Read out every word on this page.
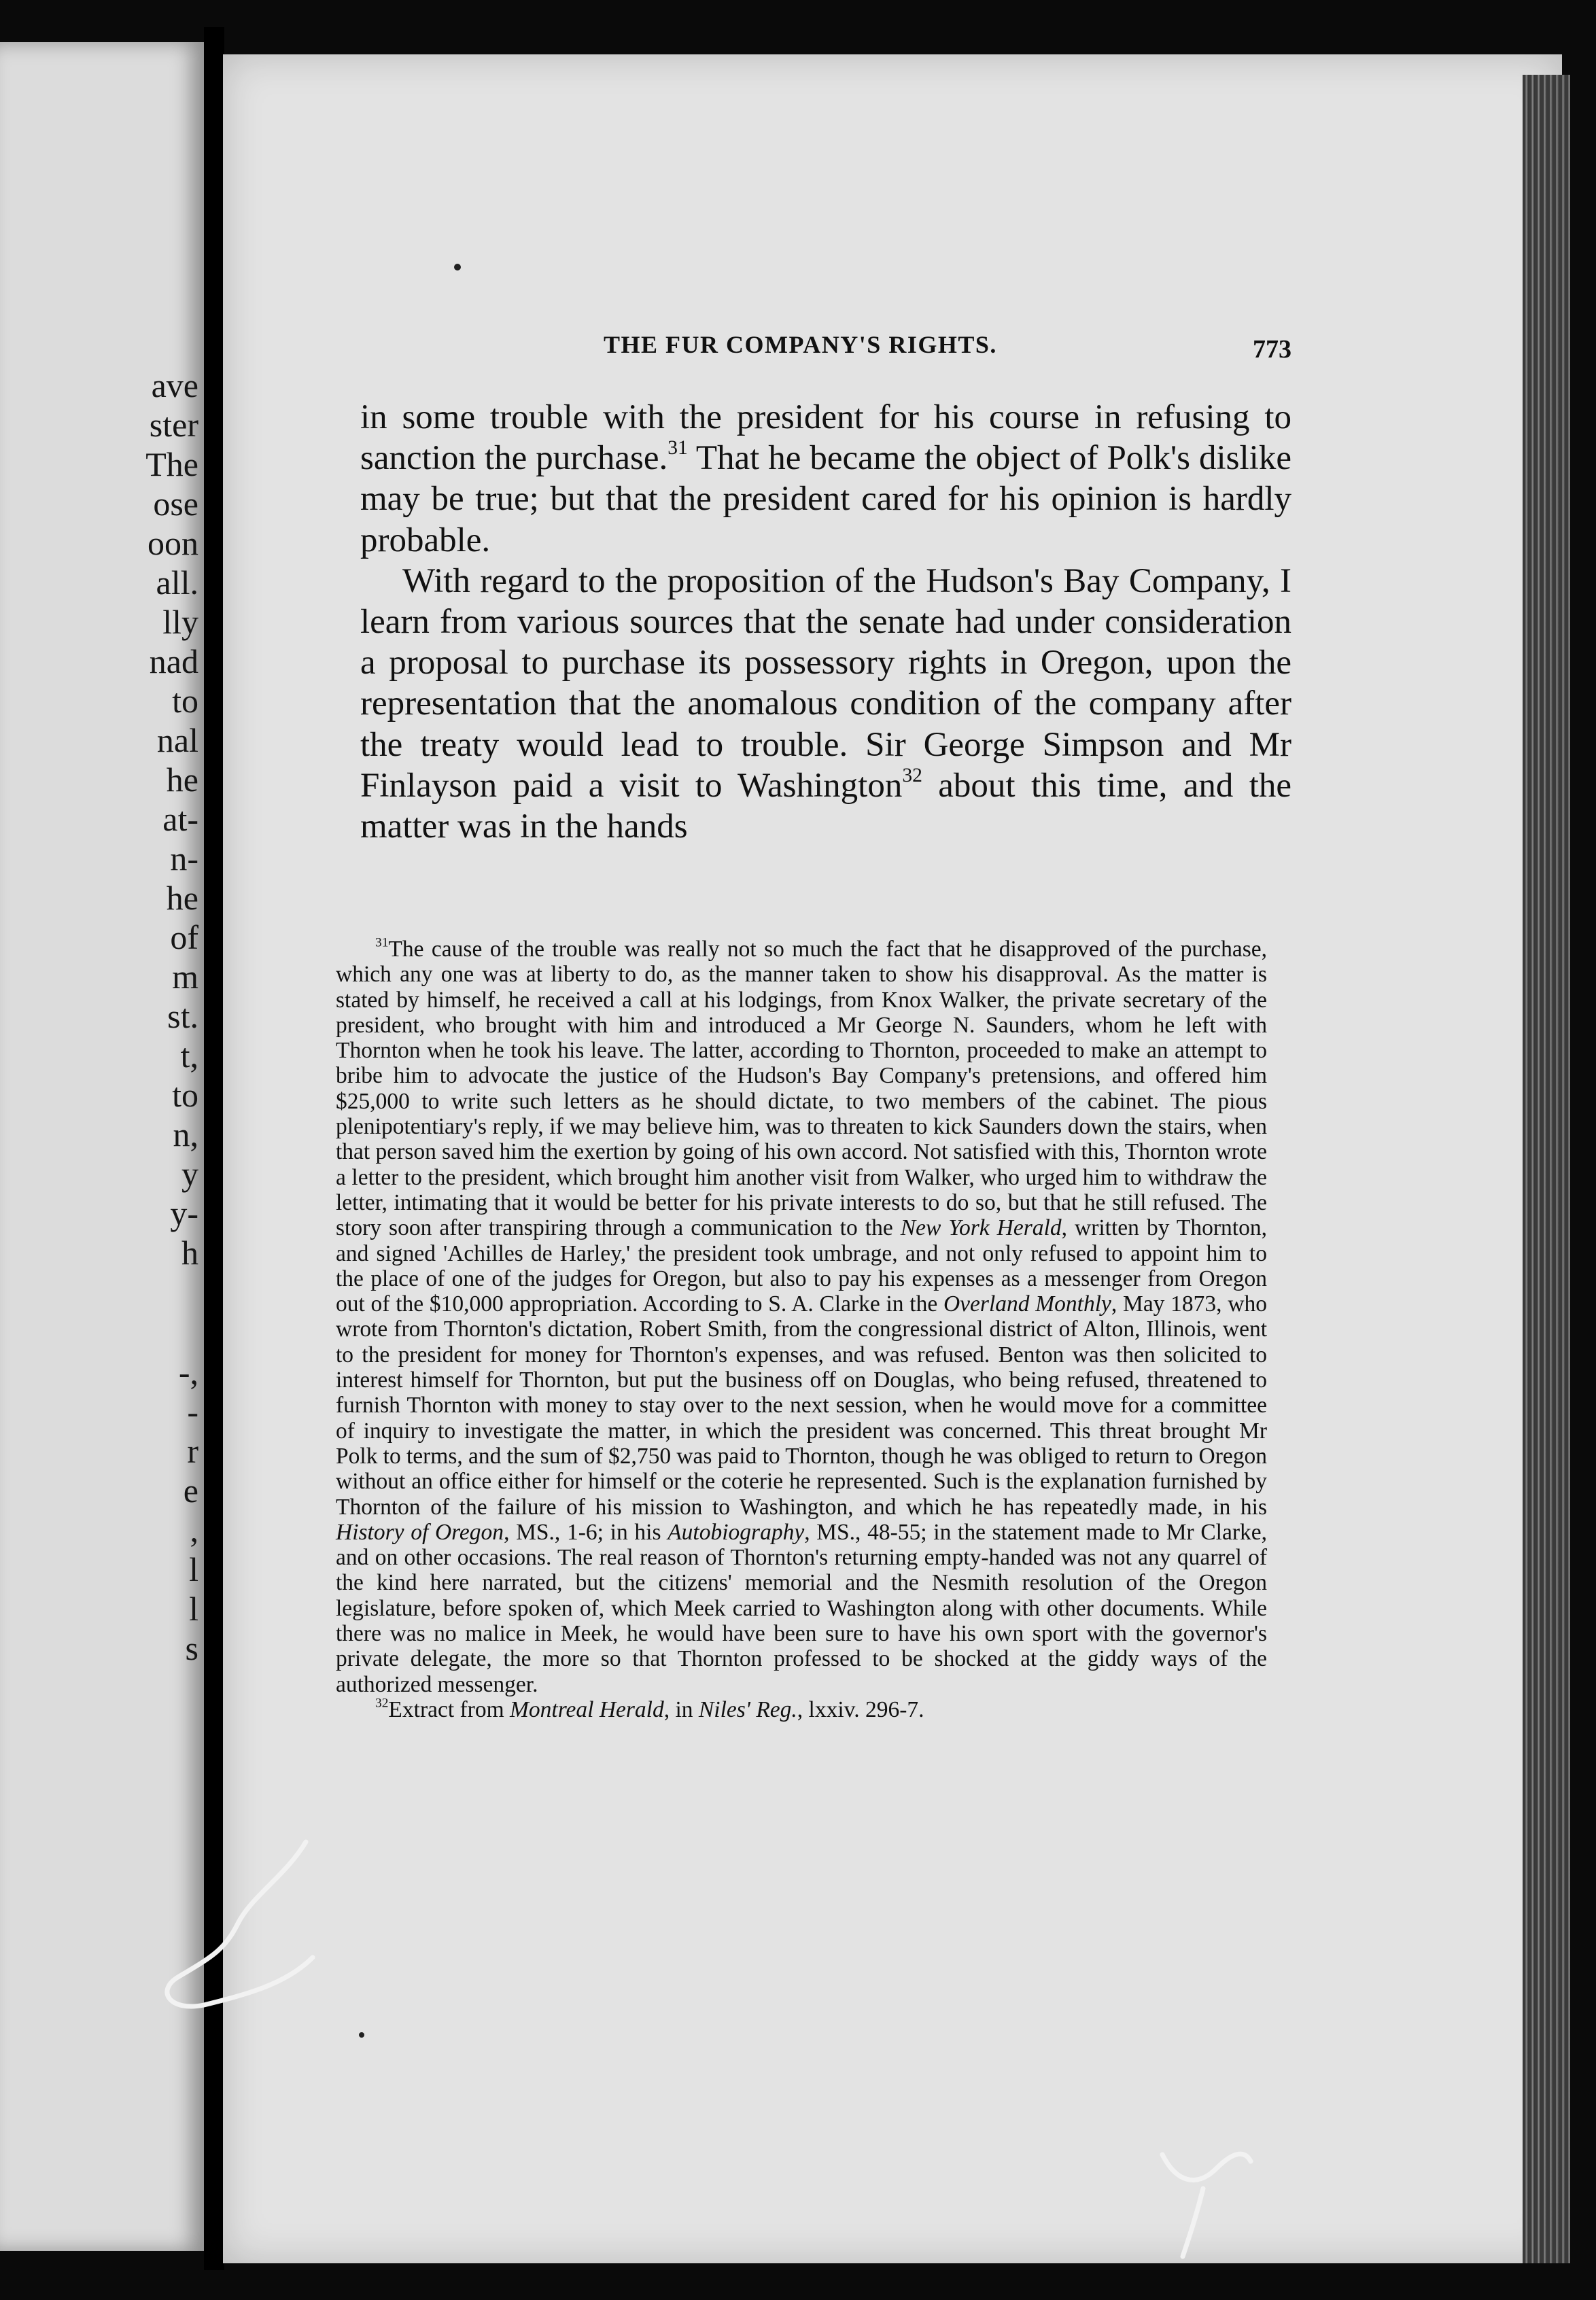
ave
ster
The
ose
oon
all.
lly
nad
to
nal
he
at-
n-
he
of
m
st.
t,
to
n,
y
y-
h
-,
-
r
e
,
l
l
s
THE FUR COMPANY'S RIGHTS.	773

in some trouble with the president for his course in refusing to sanction the purchase.$^{31}$ That he became the object of Polk's dislike may be true; but that the president cared for his opinion is hardly probable.

With regard to the proposition of the Hudson's Bay Company, I learn from various sources that the senate had under consideration a proposal to purchase its possessory rights in Oregon, upon the representation that the anomalous condition of the company after the treaty would lead to trouble. Sir George Simpson and Mr Finlayson paid a visit to Washington$^{32}$ about this time, and the matter was in the hands

$^{31}$The cause of the trouble was really not so much the fact that he disapproved of the purchase, which any one was at liberty to do, as the manner taken to show his disapproval. As the matter is stated by himself, he received a call at his lodgings, from Knox Walker, the private secretary of the president, who brought with him and introduced a Mr George N. Saunders, whom he left with Thornton when he took his leave. The latter, according to Thornton, proceeded to make an attempt to bribe him to advocate the justice of the Hudson's Bay Company's pretensions, and offered him $25,000 to write such letters as he should dictate, to two members of the cabinet. The pious plenipotentiary's reply, if we may believe him, was to threaten to kick Saunders down the stairs, when that person saved him the exertion by going of his own accord. Not satisfied with this, Thornton wrote a letter to the president, which brought him another visit from Walker, who urged him to withdraw the letter, intimating that it would be better for his private interests to do so, but that he still refused. The story soon after transpiring through a communication to the New York Herald, written by Thornton, and signed 'Achilles de Harley,' the president took umbrage, and not only refused to appoint him to the place of one of the judges for Oregon, but also to pay his expenses as a messenger from Oregon out of the $10,000 appropriation. According to S. A. Clarke in the Overland Monthly, May 1873, who wrote from Thornton's dictation, Robert Smith, from the congressional district of Alton, Illinois, went to the president for money for Thornton's expenses, and was refused. Benton was then solicited to interest himself for Thornton, but put the business off on Douglas, who being refused, threatened to furnish Thornton with money to stay over to the next session, when he would move for a committee of inquiry to investigate the matter, in which the president was concerned. This threat brought Mr Polk to terms, and the sum of $2,750 was paid to Thornton, though he was obliged to return to Oregon without an office either for himself or the coterie he represented. Such is the explanation furnished by Thornton of the failure of his mission to Washington, and which he has repeatedly made, in his History of Oregon, MS., 1-6; in his Autobiography, MS., 48-55; in the statement made to Mr Clarke, and on other occasions. The real reason of Thornton's returning empty-handed was not any quarrel of the kind here narrated, but the citizens' memorial and the Nesmith resolution of the Oregon legislature, before spoken of, which Meek carried to Washington along with other documents. While there was no malice in Meek, he would have been sure to have his own sport with the governor's private delegate, the more so that Thornton professed to be shocked at the giddy ways of the authorized messenger.

$^{32}$Extract from Montreal Herald, in Niles' Reg., lxxiv. 296-7.
